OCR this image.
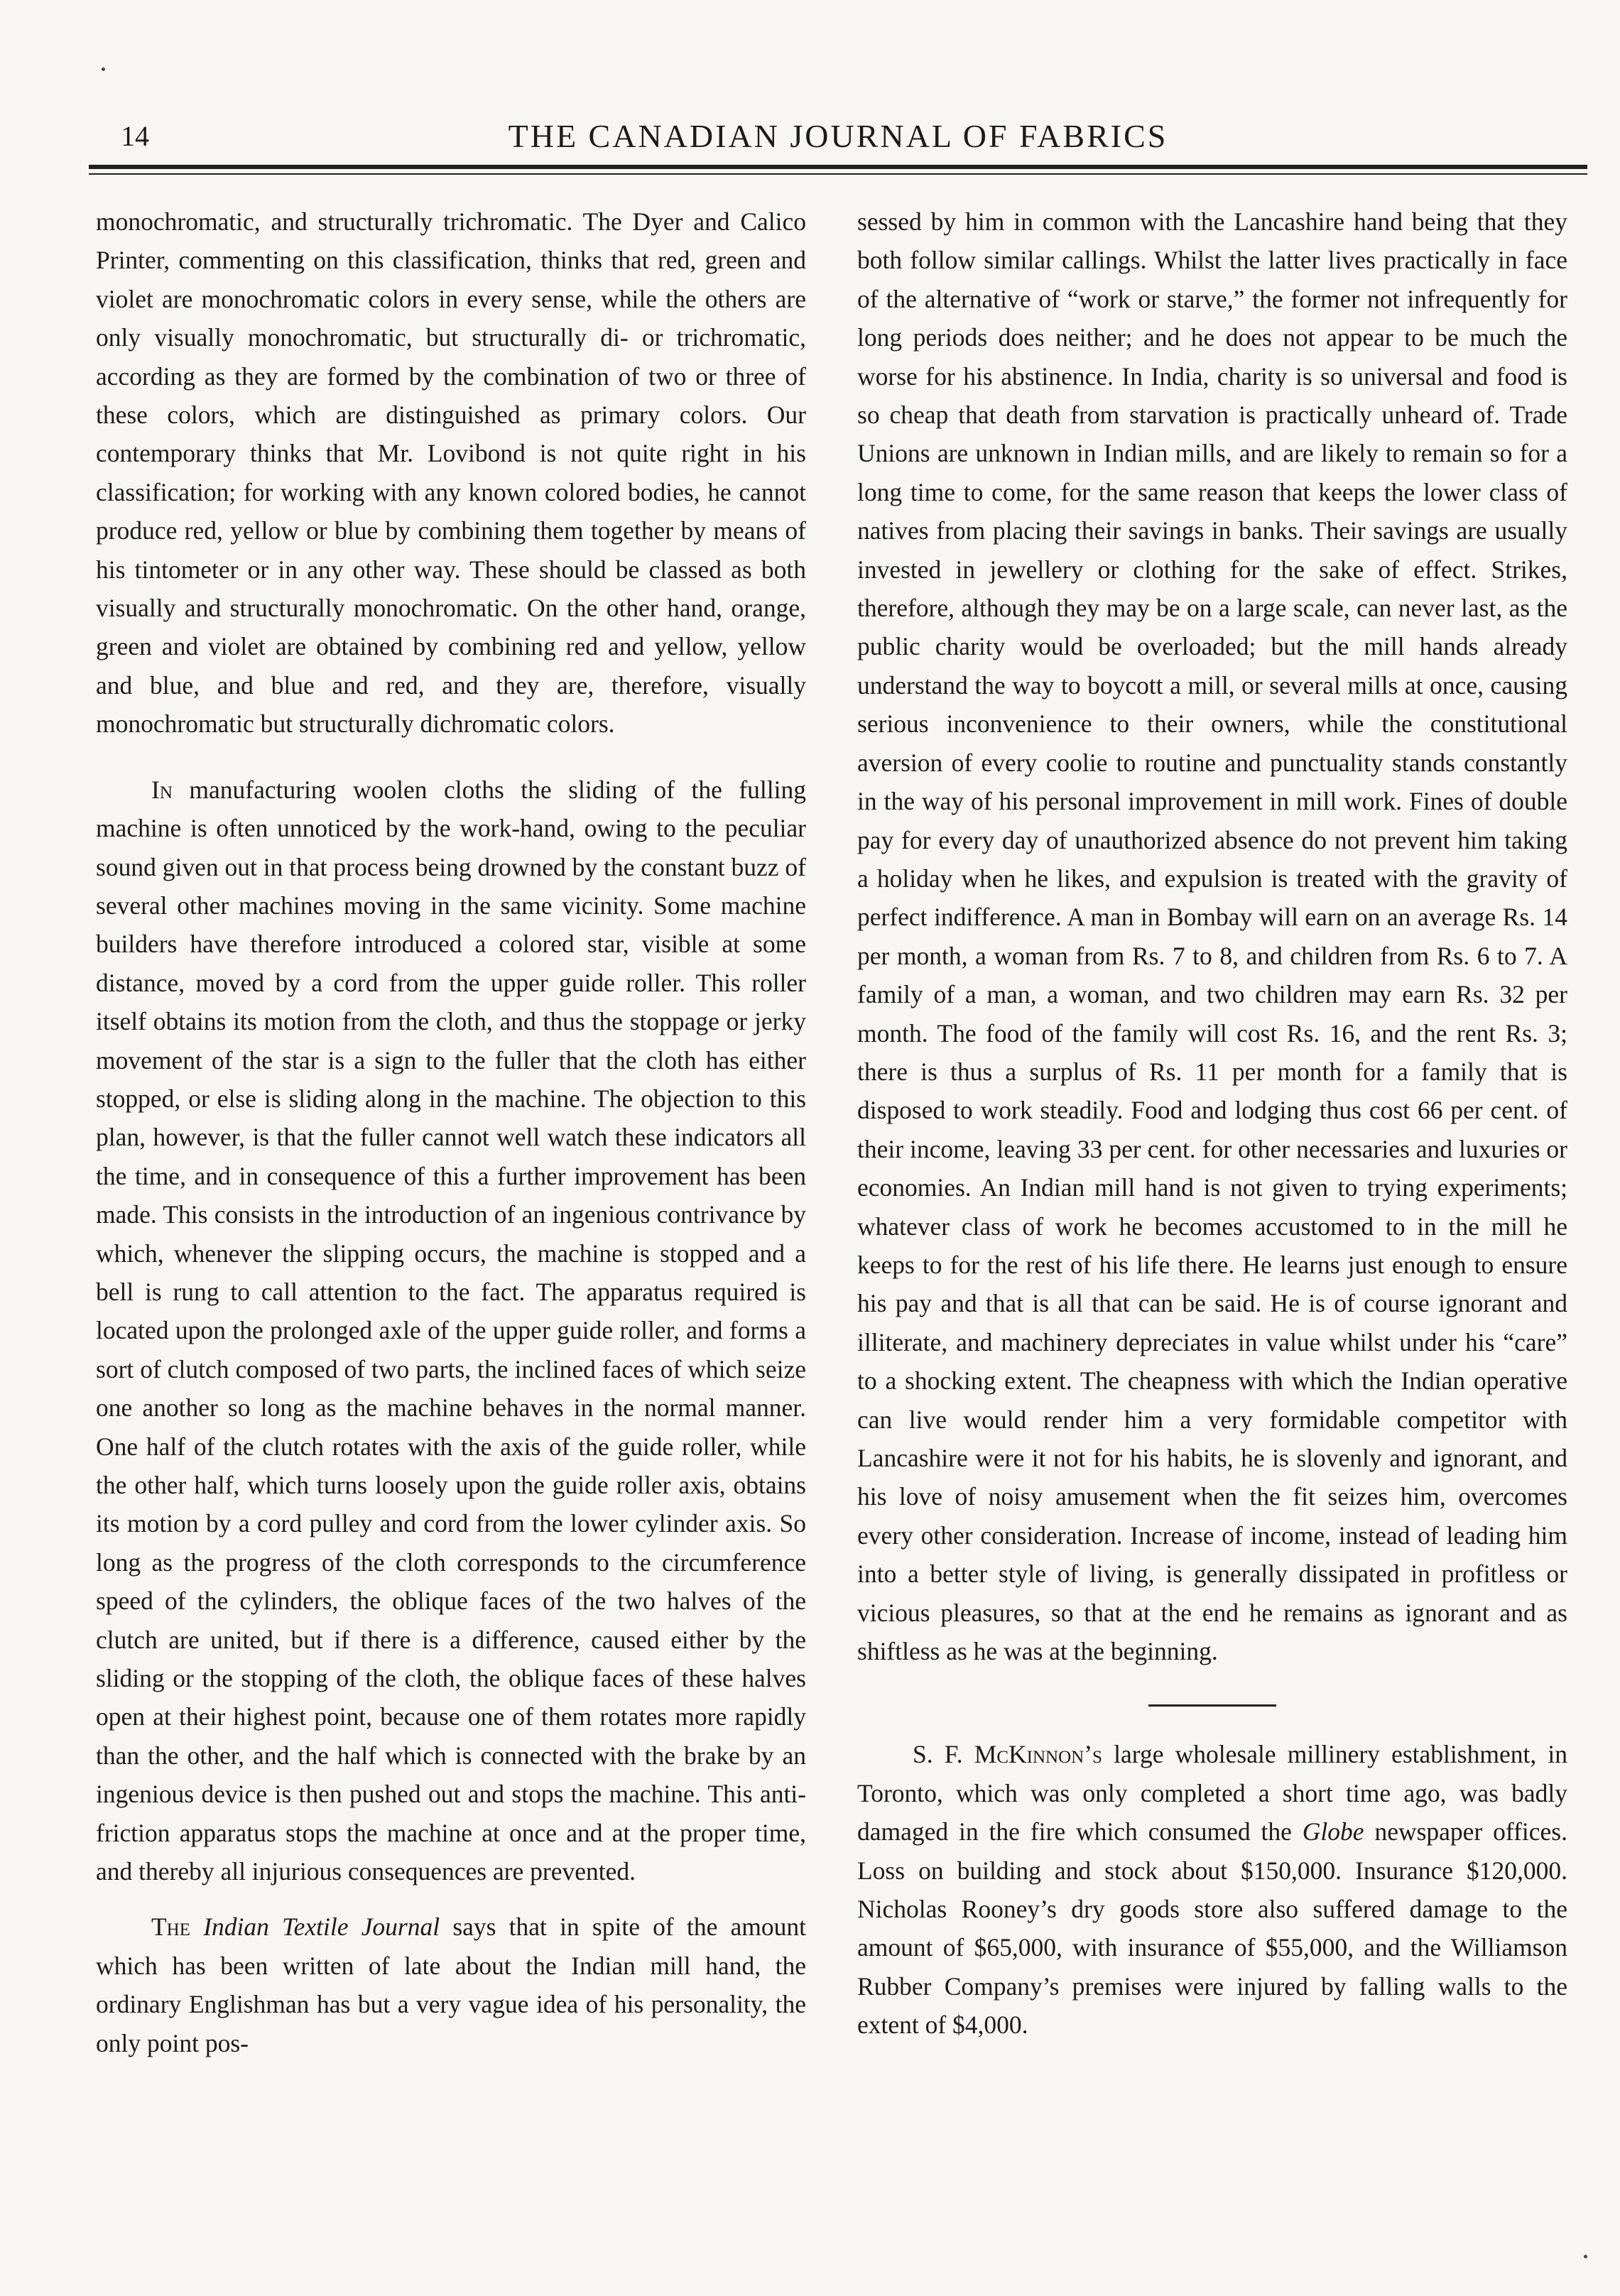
14	THE CANADIAN JOURNAL OF FABRICS

monochromatic, and structurally trichromatic. The Dyer and Calico Printer, commenting on this classification, thinks that red, green and violet are monochromatic colors in every sense, while the others are only visually monochromatic, but structurally di- or trichromatic, according as they are formed by the combination of two or three of these colors, which are distinguished as primary colors. Our contemporary thinks that Mr. Lovibond is not quite right in his classification; for working with any known colored bodies, he cannot produce red, yellow or blue by combining them together by means of his tintometer or in any other way. These should be classed as both visually and structurally monochromatic. On the other hand, orange, green and violet are obtained by combining red and yellow, yellow and blue, and blue and red, and they are, therefore, visually monochromatic but structurally dichromatic colors.

In manufacturing woolen cloths the sliding of the fulling machine is often unnoticed by the work-hand, owing to the peculiar sound given out in that process being drowned by the constant buzz of several other machines moving in the same vicinity. Some machine builders have therefore introduced a colored star, visible at some distance, moved by a cord from the upper guide roller. This roller itself obtains its motion from the cloth, and thus the stoppage or jerky movement of the star is a sign to the fuller that the cloth has either stopped, or else is sliding along in the machine. The objection to this plan, however, is that the fuller cannot well watch these indicators all the time, and in consequence of this a further improvement has been made. This consists in the introduction of an ingenious contrivance by which, whenever the slipping occurs, the machine is stopped and a bell is rung to call attention to the fact. The apparatus required is located upon the prolonged axle of the upper guide roller, and forms a sort of clutch composed of two parts, the inclined faces of which seize one another so long as the machine behaves in the normal manner. One half of the clutch rotates with the axis of the guide roller, while the other half, which turns loosely upon the guide roller axis, obtains its motion by a cord pulley and cord from the lower cylinder axis. So long as the progress of the cloth corresponds to the circumference speed of the cylinders, the oblique faces of the two halves of the clutch are united, but if there is a difference, caused either by the sliding or the stopping of the cloth, the oblique faces of these halves open at their highest point, because one of them rotates more rapidly than the other, and the half which is connected with the brake by an ingenious device is then pushed out and stops the machine. This anti-friction apparatus stops the machine at once and at the proper time, and thereby all injurious consequences are prevented.

The Indian Textile Journal says that in spite of the amount which has been written of late about the Indian mill hand, the ordinary Englishman has but a very vague idea of his personality, the only point pos-

sessed by him in common with the Lancashire hand being that they both follow similar callings. Whilst the latter lives practically in face of the alternative of “work or starve,” the former not infrequently for long periods does neither; and he does not appear to be much the worse for his abstinence. In India, charity is so universal and food is so cheap that death from starvation is practically unheard of. Trade Unions are unknown in Indian mills, and are likely to remain so for a long time to come, for the same reason that keeps the lower class of natives from placing their savings in banks. Their savings are usually invested in jewellery or clothing for the sake of effect. Strikes, therefore, although they may be on a large scale, can never last, as the public charity would be overloaded; but the mill hands already understand the way to boycott a mill, or several mills at once, causing serious inconvenience to their owners, while the constitutional aversion of every coolie to routine and punctuality stands constantly in the way of his personal improvement in mill work. Fines of double pay for every day of unauthorized absence do not prevent him taking a holiday when he likes, and expulsion is treated with the gravity of perfect indifference. A man in Bombay will earn on an average Rs. 14 per month, a woman from Rs. 7 to 8, and children from Rs. 6 to 7. A family of a man, a woman, and two children may earn Rs. 32 per month. The food of the family will cost Rs. 16, and the rent Rs. 3; there is thus a surplus of Rs. 11 per month for a family that is disposed to work steadily. Food and lodging thus cost 66 per cent. of their income, leaving 33 per cent. for other necessaries and luxuries or economies. An Indian mill hand is not given to trying experiments; whatever class of work he becomes accustomed to in the mill he keeps to for the rest of his life there. He learns just enough to ensure his pay and that is all that can be said. He is of course ignorant and illiterate, and machinery depreciates in value whilst under his “care” to a shocking extent. The cheapness with which the Indian operative can live would render him a very formidable competitor with Lancashire were it not for his habits, he is slovenly and ignorant, and his love of noisy amusement when the fit seizes him, overcomes every other consideration. Increase of income, instead of leading him into a better style of living, is generally dissipated in profitless or vicious pleasures, so that at the end he remains as ignorant and as shiftless as he was at the beginning.

S. F. McKinnon’s large wholesale millinery establishment, in Toronto, which was only completed a short time ago, was badly damaged in the fire which consumed the Globe newspaper offices. Loss on building and stock about $150,000. Insurance $120,000. Nicholas Rooney’s dry goods store also suffered damage to the amount of $65,000, with insurance of $55,000, and the Williamson Rubber Company’s premises were injured by falling walls to the extent of $4,000.
